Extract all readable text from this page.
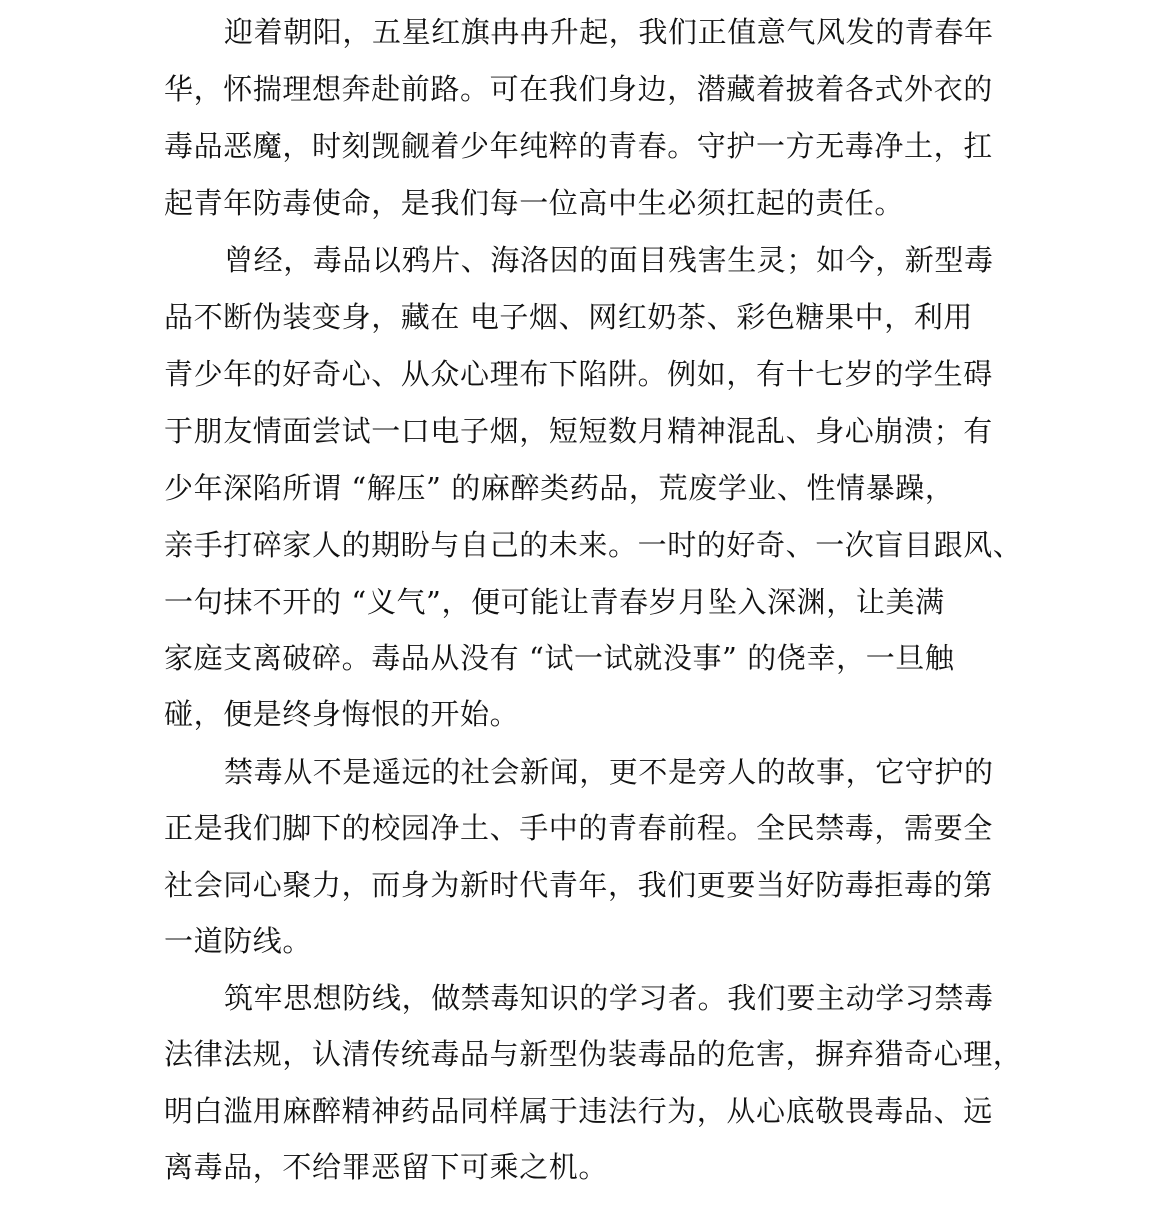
迎着朝阳，五星红旗冉冉升起，我们正值意气风发的青春年
华，怀揣理想奔赴前路。可在我们身边，潜藏着披着各式外衣的
毒品恶魔，时刻觊觎着少年纯粹的青春。守护一方无毒净土，扛
起青年防毒使命，是我们每一位高中生必须扛起的责任。
曾经，毒品以鸦片、海洛因的面目残害生灵；如今，新型毒
品不断伪装变身，藏在 电子烟、网红奶茶、彩色糖果中，利用
青少年的好奇心、从众心理布下陷阱。例如，有十七岁的学生碍
于朋友情面尝试一口电子烟，短短数月精神混乱、身心崩溃；有
少年深陷所谓 “解压” 的麻醉类药品，荒废学业、性情暴躁，
亲手打碎家人的期盼与自己的未来。一时的好奇、一次盲目跟风、
一句抹不开的 “义气”，便可能让青春岁月坠入深渊，让美满
家庭支离破碎。毒品从没有 “试一试就没事” 的侥幸，一旦触
碰，便是终身悔恨的开始。
禁毒从不是遥远的社会新闻，更不是旁人的故事，它守护的
正是我们脚下的校园净土、手中的青春前程。全民禁毒，需要全
社会同心聚力，而身为新时代青年，我们更要当好防毒拒毒的第
一道防线。
筑牢思想防线，做禁毒知识的学习者。我们要主动学习禁毒
法律法规，认清传统毒品与新型伪装毒品的危害，摒弃猎奇心理，
明白滥用麻醉精神药品同样属于违法行为，从心底敬畏毒品、远
离毒品，不给罪恶留下可乘之机。
